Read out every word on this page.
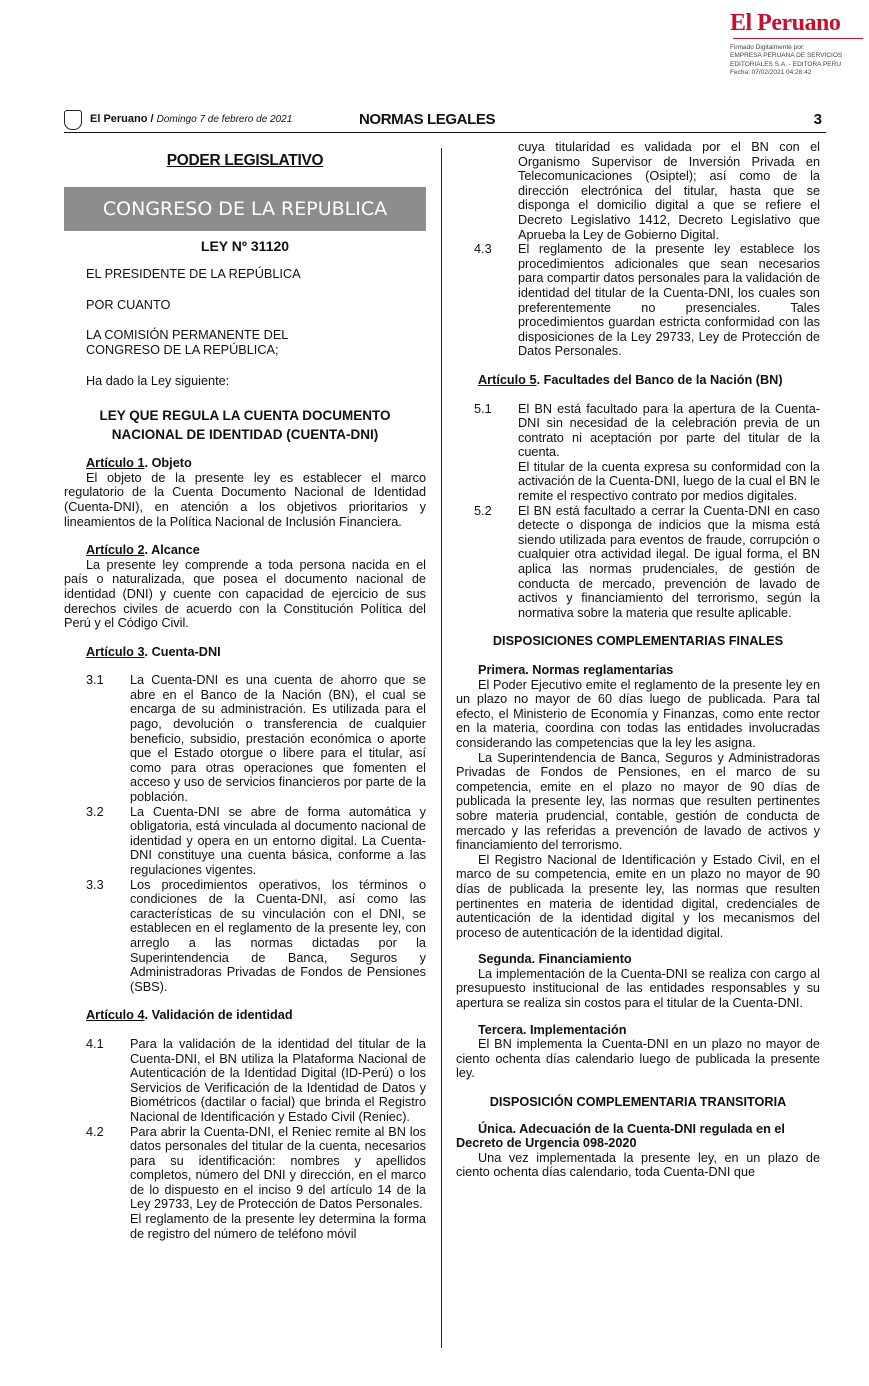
El Peruano
Firmado Digitalmente por:
EMPRESA PERUANA DE SERVICIOS
EDITORIALES S.A. - EDITORA PERU
Fecha: 07/02/2021 04:28:42
El Peruano / Domingo 7 de febrero de 2021	NORMAS LEGALES	3

PODER LEGISLATIVO

CONGRESO DE LA REPUBLICA

LEY Nº 31120

EL PRESIDENTE DE LA REPÚBLICA

POR CUANTO

LA COMISIÓN PERMANENTE DEL CONGRESO DE LA REPÚBLICA;

Ha dado la Ley siguiente:

LEY QUE REGULA LA CUENTA DOCUMENTO NACIONAL DE IDENTIDAD (CUENTA-DNI)

Artículo 1. Objeto

El objeto de la presente ley es establecer el marco regulatorio de la Cuenta Documento Nacional de Identidad (Cuenta-DNI), en atención a los objetivos prioritarios y lineamientos de la Política Nacional de Inclusión Financiera.

Artículo 2. Alcance

La presente ley comprende a toda persona nacida en el país o naturalizada, que posea el documento nacional de identidad (DNI) y cuente con capacidad de ejercicio de sus derechos civiles de acuerdo con la Constitución Política del Perú y el Código Civil.

Artículo 3. Cuenta-DNI

3.1	La Cuenta-DNI es una cuenta de ahorro que se abre en el Banco de la Nación (BN), el cual se encarga de su administración. Es utilizada para el pago, devolución o transferencia de cualquier beneficio, subsidio, prestación económica o aporte que el Estado otorgue o libere para el titular, así como para otras operaciones que fomenten el acceso y uso de servicios financieros por parte de la población.
3.2	La Cuenta-DNI se abre de forma automática y obligatoria, está vinculada al documento nacional de identidad y opera en un entorno digital. La Cuenta-DNI constituye una cuenta básica, conforme a las regulaciones vigentes.
3.3	Los procedimientos operativos, los términos o condiciones de la Cuenta-DNI, así como las características de su vinculación con el DNI, se establecen en el reglamento de la presente ley, con arreglo a las normas dictadas por la Superintendencia de Banca, Seguros y Administradoras Privadas de Fondos de Pensiones (SBS).

Artículo 4. Validación de identidad

4.1	Para la validación de la identidad del titular de la Cuenta-DNI, el BN utiliza la Plataforma Nacional de Autenticación de la Identidad Digital (ID-Perú) o los Servicios de Verificación de la Identidad de Datos y Biométricos (dactilar o facial) que brinda el Registro Nacional de Identificación y Estado Civil (Reniec).
4.2	Para abrir la Cuenta-DNI, el Reniec remite al BN los datos personales del titular de la cuenta, necesarios para su identificación: nombres y apellidos completos, número del DNI y dirección, en el marco de lo dispuesto en el inciso 9 del artículo 14 de la Ley 29733, Ley de Protección de Datos Personales.

El reglamento de la presente ley determina la forma de registro del número de teléfono móvil

cuya titularidad es validada por el BN con el Organismo Supervisor de Inversión Privada en Telecomunicaciones (Osiptel); así como de la dirección electrónica del titular, hasta que se disponga el domicilio digital a que se refiere el Decreto Legislativo 1412, Decreto Legislativo que Aprueba la Ley de Gobierno Digital.

4.3	El reglamento de la presente ley establece los procedimientos adicionales que sean necesarios para compartir datos personales para la validación de identidad del titular de la Cuenta-DNI, los cuales son preferentemente no presenciales. Tales procedimientos guardan estricta conformidad con las disposiciones de la Ley 29733, Ley de Protección de Datos Personales.

Artículo 5. Facultades del Banco de la Nación (BN)

5.1	El BN está facultado para la apertura de la Cuenta-DNI sin necesidad de la celebración previa de un contrato ni aceptación por parte del titular de la cuenta.

El titular de la cuenta expresa su conformidad con la activación de la Cuenta-DNI, luego de la cual el BN le remite el respectivo contrato por medios digitales.

5.2	El BN está facultado a cerrar la Cuenta-DNI en caso detecte o disponga de indicios que la misma está siendo utilizada para eventos de fraude, corrupción o cualquier otra actividad ilegal. De igual forma, el BN aplica las normas prudenciales, de gestión de conducta de mercado, prevención de lavado de activos y financiamiento del terrorismo, según la normativa sobre la materia que resulte aplicable.

DISPOSICIONES COMPLEMENTARIAS FINALES

Primera. Normas reglamentarias

El Poder Ejecutivo emite el reglamento de la presente ley en un plazo no mayor de 60 días luego de publicada. Para tal efecto, el Ministerio de Economía y Finanzas, como ente rector en la materia, coordina con todas las entidades involucradas considerando las competencias que la ley les asigna.

La Superintendencia de Banca, Seguros y Administradoras Privadas de Fondos de Pensiones, en el marco de su competencia, emite en el plazo no mayor de 90 días de publicada la presente ley, las normas que resulten pertinentes sobre materia prudencial, contable, gestión de conducta de mercado y las referidas a prevención de lavado de activos y financiamiento del terrorismo.

El Registro Nacional de Identificación y Estado Civil, en el marco de su competencia, emite en un plazo no mayor de 90 días de publicada la presente ley, las normas que resulten pertinentes en materia de identidad digital, credenciales de autenticación de la identidad digital y los mecanismos del proceso de autenticación de la identidad digital.

Segunda. Financiamiento

La implementación de la Cuenta-DNI se realiza con cargo al presupuesto institucional de las entidades responsables y su apertura se realiza sin costos para el titular de la Cuenta-DNI.

Tercera. Implementación

El BN implementa la Cuenta-DNI en un plazo no mayor de ciento ochenta días calendario luego de publicada la presente ley.

DISPOSICIÓN COMPLEMENTARIA TRANSITORIA

Única. Adecuación de la Cuenta-DNI regulada en el Decreto de Urgencia 098-2020

Una vez implementada la presente ley, en un plazo de ciento ochenta días calendario, toda Cuenta-DNI que
